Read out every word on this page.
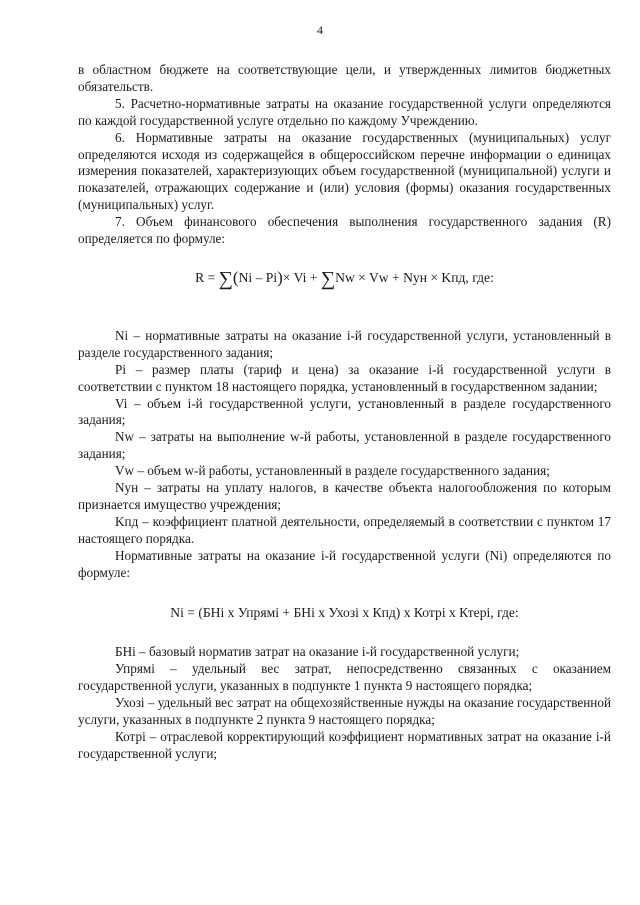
4

в областном бюджете на соответствующие цели, и утвержденных лимитов бюджетных обязательств.

5. Расчетно-нормативные затраты на оказание государственной услуги определяются по каждой государственной услуге отдельно по каждому Учреждению.

6. Нормативные затраты на оказание государственных (муниципальных) услуг определяются исходя из содержащейся в общероссийском перечне информации о единицах измерения показателей, характеризующих объем государственной (муниципальной) услуги и показателей, отражающих содержание и (или) условия (формы) оказания государственных (муниципальных) услуг.

7. Объем финансового обеспечения выполнения государственного задания (R) определяется по формуле:

R = ∑(Ni – Pi)× Vi + ∑Nw × Vw + Nyн × Kпд, где:

Ni – нормативные затраты на оказание i-й государственной услуги, установленный в разделе государственного задания;

Pi – размер платы (тариф и цена) за оказание i-й государственной услуги в соответствии с пунктом 18 настоящего порядка, установленный в государственном задании;

Vi – объем i-й государственной услуги, установленный в разделе государственного задания;

Nw – затраты на выполнение w-й работы, установленной в разделе государственного задания;

Vw – объем w-й работы, установленный в разделе государственного задания;

Nyн – затраты на уплату налогов, в качестве объекта налогообложения по которым признается имущество учреждения;

Kпд – коэффициент платной деятельности, определяемый в соответствии с пунктом 17 настоящего порядка.

Нормативные затраты на оказание i-й государственной услуги (Ni) определяются по формуле:

Ni = (БНi х Упрямi + БНi х Ухозi х Кпд) х Котрi х Ктерi, где:

БНi – базовый норматив затрат на оказание i-й государственной услуги;

Упрямi – удельный вес затрат, непосредственно связанных с оказанием государственной услуги, указанных в подпункте 1 пункта 9 настоящего порядка;

Ухозi – удельный вес затрат на общехозяйственные нужды на оказание государственной услуги, указанных в подпункте 2 пункта 9 настоящего порядка;

Котрi – отраслевой корректирующий коэффициент нормативных затрат на оказание i-й государственной услуги;
